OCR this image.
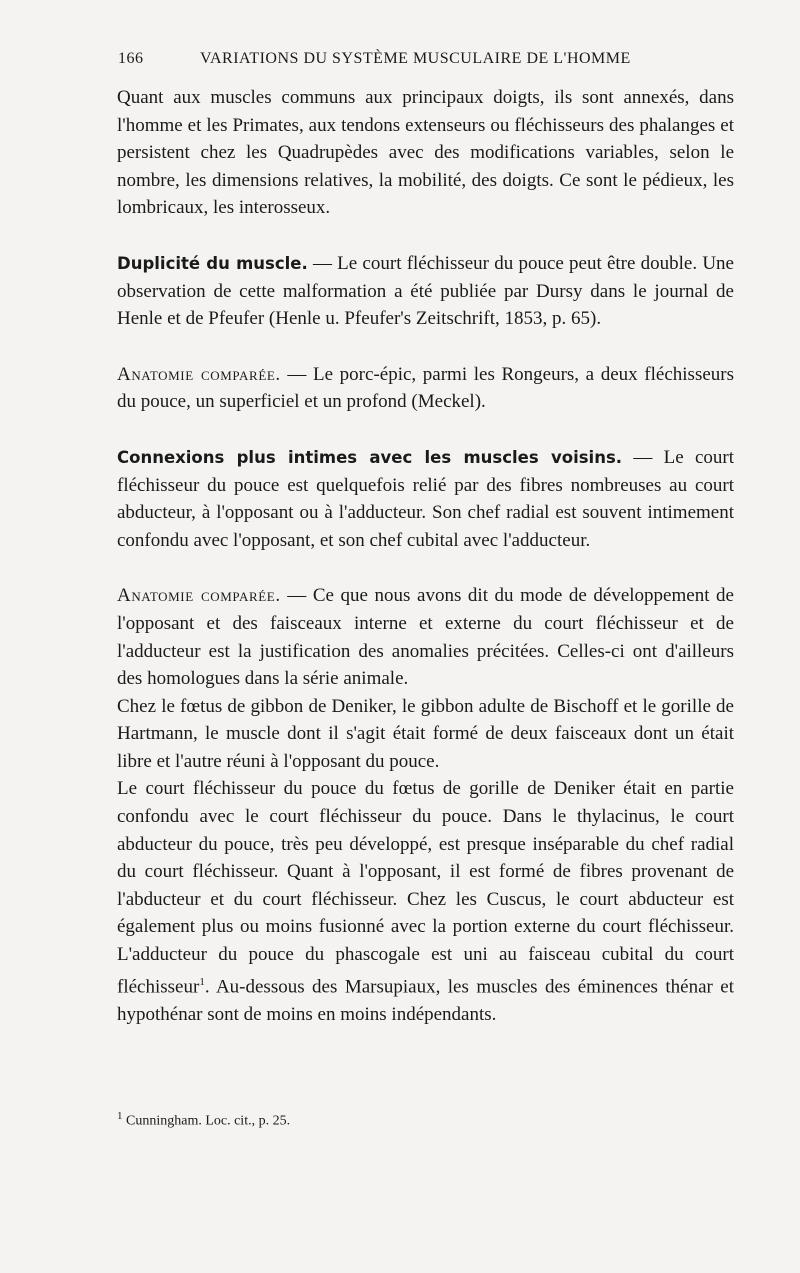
166	VARIATIONS DU SYSTÈME MUSCULAIRE DE L'HOMME

Quant aux muscles communs aux principaux doigts, ils sont annexés, dans l'homme et les Primates, aux tendons extenseurs ou fléchisseurs des phalanges et persistent chez les Quadrupèdes avec des modifications variables, selon le nombre, les dimensions relatives, la mobilité, des doigts. Ce sont le pédieux, les lombricaux, les interosseux.

Duplicité du muscle. — Le court fléchisseur du pouce peut être double. Une observation de cette malformation a été publiée par Dursy dans le journal de Henle et de Pfeufer (Henle u. Pfeufer's Zeitschrift, 1853, p. 65).

Anatomie comparée. — Le porc-épic, parmi les Rongeurs, a deux fléchisseurs du pouce, un superficiel et un profond (Meckel).

Connexions plus intimes avec les muscles voisins. — Le court fléchisseur du pouce est quelquefois relié par des fibres nombreuses au court abducteur, à l'opposant ou à l'adducteur. Son chef radial est souvent intimement confondu avec l'opposant, et son chef cubital avec l'adducteur.

Anatomie comparée. — Ce que nous avons dit du mode de développement de l'opposant et des faisceaux interne et externe du court fléchisseur et de l'adducteur est la justification des anomalies précitées. Celles-ci ont d'ailleurs des homologues dans la série animale.

Chez le fœtus de gibbon de Deniker, le gibbon adulte de Bischoff et le gorille de Hartmann, le muscle dont il s'agit était formé de deux faisceaux dont un était libre et l'autre réuni à l'opposant du pouce.

Le court fléchisseur du pouce du fœtus de gorille de Deniker était en partie confondu avec le court fléchisseur du pouce. Dans le thylacinus, le court abducteur du pouce, très peu développé, est presque inséparable du chef radial du court fléchisseur. Quant à l'opposant, il est formé de fibres provenant de l'abducteur et du court fléchisseur. Chez les Cuscus, le court abducteur est également plus ou moins fusionné avec la portion externe du court fléchisseur. L'adducteur du pouce du phascogale est uni au faisceau cubital du court fléchisseur$^1$. Au-dessous des Marsupiaux, les muscles des éminences thénar et hypothénar sont de moins en moins indépendants.

$^1$ Cunningham. Loc. cit., p. 25.
